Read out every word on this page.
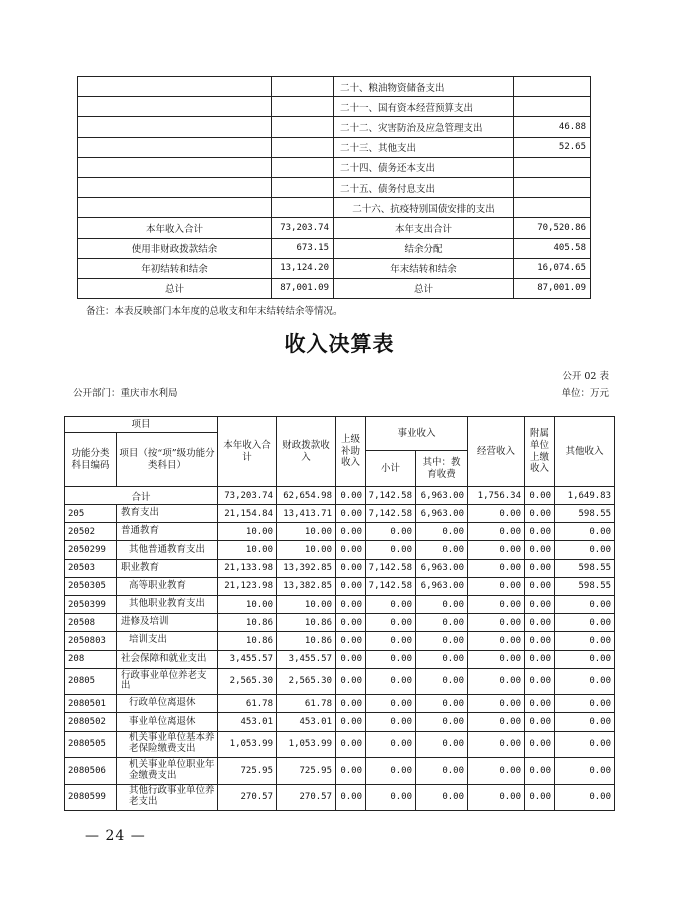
		二十、粮油物资储备支出	
		二十一、国有资本经营预算支出	
		二十二、灾害防治及应急管理支出	46.88
		二十三、其他支出	52.65
		二十四、债务还本支出	
		二十五、债务付息支出	
		二十六、抗疫特别国债安排的支出	
本年收入合计	73,203.74	本年支出合计	70,520.86
使用非财政拨款结余	673.15	结余分配	405.58
年初结转和结余	13,124.20	年末结转和结余	16,074.65
总计	87,001.09	总计	87,001.09
备注：本表反映部门本年度的总收支和年末结转结余等情况。
收入决算表
公开 02 表
公开部门：重庆市水利局	单位：万元
项目		本年收入合计	财政拨款收入	上级补助收入	事业收入		经营收入	附属单位上缴收入	其他收入
功能分类科目编码	项目（按“项”级功能分类科目）								
					小计	其中：教育收费			
合计		73,203.74	62,654.98	0.00	7,142.58	6,963.00	1,756.34	0.00	1,649.83
205	教育支出	21,154.84	13,413.71	0.00	7,142.58	6,963.00	0.00	0.00	598.55
20502	普通教育	10.00	10.00	0.00	0.00	0.00	0.00	0.00	0.00
2050299	其他普通教育支出	10.00	10.00	0.00	0.00	0.00	0.00	0.00	0.00
20503	职业教育	21,133.98	13,392.85	0.00	7,142.58	6,963.00	0.00	0.00	598.55
2050305	高等职业教育	21,123.98	13,382.85	0.00	7,142.58	6,963.00	0.00	0.00	598.55
2050399	其他职业教育支出	10.00	10.00	0.00	0.00	0.00	0.00	0.00	0.00
20508	进修及培训	10.86	10.86	0.00	0.00	0.00	0.00	0.00	0.00
2050803	培训支出	10.86	10.86	0.00	0.00	0.00	0.00	0.00	0.00
208	社会保障和就业支出	3,455.57	3,455.57	0.00	0.00	0.00	0.00	0.00	0.00
20805	行政事业单位养老支出	2,565.30	2,565.30	0.00	0.00	0.00	0.00	0.00	0.00
2080501	行政单位离退休	61.78	61.78	0.00	0.00	0.00	0.00	0.00	0.00
2080502	事业单位离退休	453.01	453.01	0.00	0.00	0.00	0.00	0.00	0.00
2080505	机关事业单位基本养老保险缴费支出	1,053.99	1,053.99	0.00	0.00	0.00	0.00	0.00	0.00
2080506	机关事业单位职业年金缴费支出	725.95	725.95	0.00	0.00	0.00	0.00	0.00	0.00
2080599	其他行政事业单位养老支出	270.57	270.57	0.00	0.00	0.00	0.00	0.00	0.00
— 24 —
